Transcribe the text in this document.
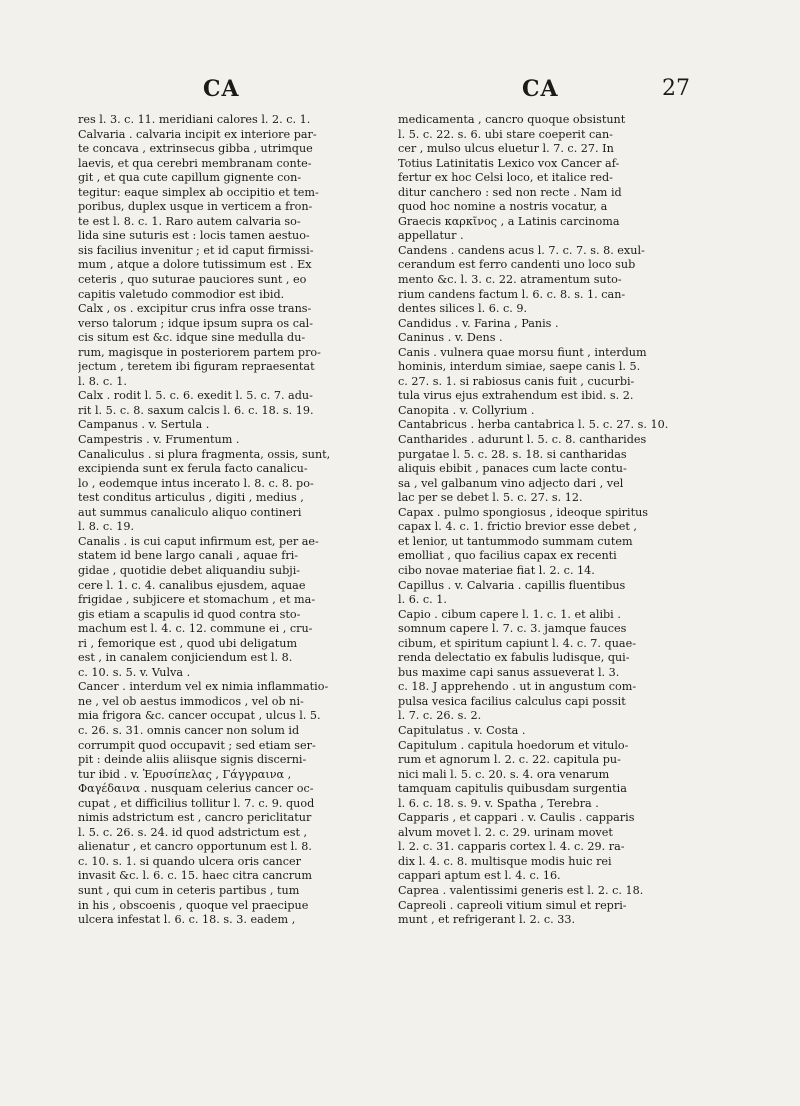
CA	CA	27
res l. 3. c. 11. meridiani calores l. 2. c. 1.
Calvaria . calvaria incipit ex interiore par-
te concava , extrinsecus gibba , utrimque
laevis, et qua cerebri membranam conte-
git , et qua cute capillum gignente con-
tegitur: eaque simplex ab occipitio et tem-
poribus, duplex usque in verticem a fron-
te est l. 8. c. 1. Raro autem calvaria so-
lida sine suturis est : locis tamen aestuo-
sis facilius invenitur ; et id caput firmissi-
mum , atque a dolore tutissimum est . Ex
ceteris , quo suturae pauciores sunt , eo
capitis valetudo commodior est ibid.
Calx , os . excipitur crus infra osse trans-
verso talorum ; idque ipsum supra os cal-
cis situm est &c. idque sine medulla du-
rum, magisque in posteriorem partem pro-
jectum , teretem ibi figuram repraesentat
l. 8. c. 1.
Calx . rodit l. 5. c. 6. exedit l. 5. c. 7. adu-
rit l. 5. c. 8. saxum calcis l. 6. c. 18. s. 19.
Campanus . v. Sertula .
Campestris . v. Frumentum .
Canaliculus . si plura fragmenta, ossis, sunt,
excipienda sunt ex ferula facto canalicu-
lo , eodemque intus incerato l. 8. c. 8. po-
test conditus articulus , digiti , medius ,
aut summus canaliculo aliquo contineri
l. 8. c. 19.
Canalis . is cui caput infirmum est, per ae-
statem id bene largo canali , aquae fri-
gidae , quotidie debet aliquandiu subji-
cere l. 1. c. 4. canalibus ejusdem, aquae
frigidae , subjicere et stomachum , et ma-
gis etiam a scapulis id quod contra sto-
machum est l. 4. c. 12. commune ei , cru-
ri , femorique est , quod ubi deligatum
est , in canalem conjiciendum est l. 8.
c. 10. s. 5. v. Vulva .
Cancer . interdum vel ex nimia inflammatio-
ne , vel ob aestus immodicos , vel ob ni-
mia frigora &c. cancer occupat , ulcus l. 5.
c. 26. s. 31. omnis cancer non solum id
corrumpit quod occupavit ; sed etiam ser-
pit : deinde aliis aliisque signis discerni-
tur ibid . v. Ἐρυσίπελας , Γάγγραινα ,
Φαγέδαινα . nusquam celerius cancer oc-
cupat , et difficilius tollitur l. 7. c. 9. quod
nimis adstrictum est , cancro periclitatur
l. 5. c. 26. s. 24. id quod adstrictum est ,
alienatur , et cancro opportunum est l. 8.
c. 10. s. 1. si quando ulcera oris cancer
invasit &c. l. 6. c. 15. haec citra cancrum
sunt , qui cum in ceteris partibus , tum
in his , obscoenis , quoque vel praecipue
ulcera infestat l. 6. c. 18. s. 3. eadem ,
medicamenta , cancro quoque obsistunt
l. 5. c. 22. s. 6. ubi stare coeperit can-
cer , mulso ulcus eluetur l. 7. c. 27. In
Totius Latinitatis Lexico vox Cancer af-
fertur ex hoc Celsi loco, et italice red-
ditur canchero : sed non recte . Nam id
quod hoc nomine a nostris vocatur, a
Graecis καρκῖνος , a Latinis carcinoma
appellatur .
Candens . candens acus l. 7. c. 7. s. 8. exul-
cerandum est ferro candenti uno loco sub
mento &c. l. 3. c. 22. atramentum suto-
rium candens factum l. 6. c. 8. s. 1. can-
dentes silices l. 6. c. 9.
Candidus . v. Farina , Panis .
Caninus . v. Dens .
Canis . vulnera quae morsu fiunt , interdum
hominis, interdum simiae, saepe canis l. 5.
c. 27. s. 1. si rabiosus canis fuit , cucurbi-
tula virus ejus extrahendum est ibid. s. 2.
Canopita . v. Collyrium .
Cantabricus . herba cantabrica l. 5. c. 27. s. 10.
Cantharides . adurunt l. 5. c. 8. cantharides
purgatae l. 5. c. 28. s. 18. si cantharidas
aliquis ebibit , panaces cum lacte contu-
sa , vel galbanum vino adjecto dari , vel
lac per se debet l. 5. c. 27. s. 12.
Capax . pulmo spongiosus , ideoque spiritus
capax l. 4. c. 1. frictio brevior esse debet ,
et lenior, ut tantummodo summam cutem
emolliat , quo facilius capax ex recenti
cibo novae materiae fiat l. 2. c. 14.
Capillus . v. Calvaria . capillis fluentibus
l. 6. c. 1.
Capio . cibum capere l. 1. c. 1. et alibi .
somnum capere l. 7. c. 3. jamque fauces
cibum, et spiritum capiunt l. 4. c. 7. quae-
renda delectatio ex fabulis ludisque, qui-
bus maxime capi sanus assueverat l. 3.
c. 18. J apprehendo . ut in angustum com-
pulsa vesica facilius calculus capi possit
l. 7. c. 26. s. 2.
Capitulatus . v. Costa .
Capitulum . capitula hoedorum et vitulo-
rum et agnorum l. 2. c. 22. capitula pu-
nici mali l. 5. c. 20. s. 4. ora venarum
tamquam capitulis quibusdam surgentia
l. 6. c. 18. s. 9. v. Spatha , Terebra .
Capparis , et cappari . v. Caulis . capparis
alvum movet l. 2. c. 29. urinam movet
l. 2. c. 31. capparis cortex l. 4. c. 29. ra-
dix l. 4. c. 8. multisque modis huic rei
cappari aptum est l. 4. c. 16.
Caprea . valentissimi generis est l. 2. c. 18.
Capreoli . capreoli vitium simul et repri-
munt , et refrigerant l. 2. c. 33.
